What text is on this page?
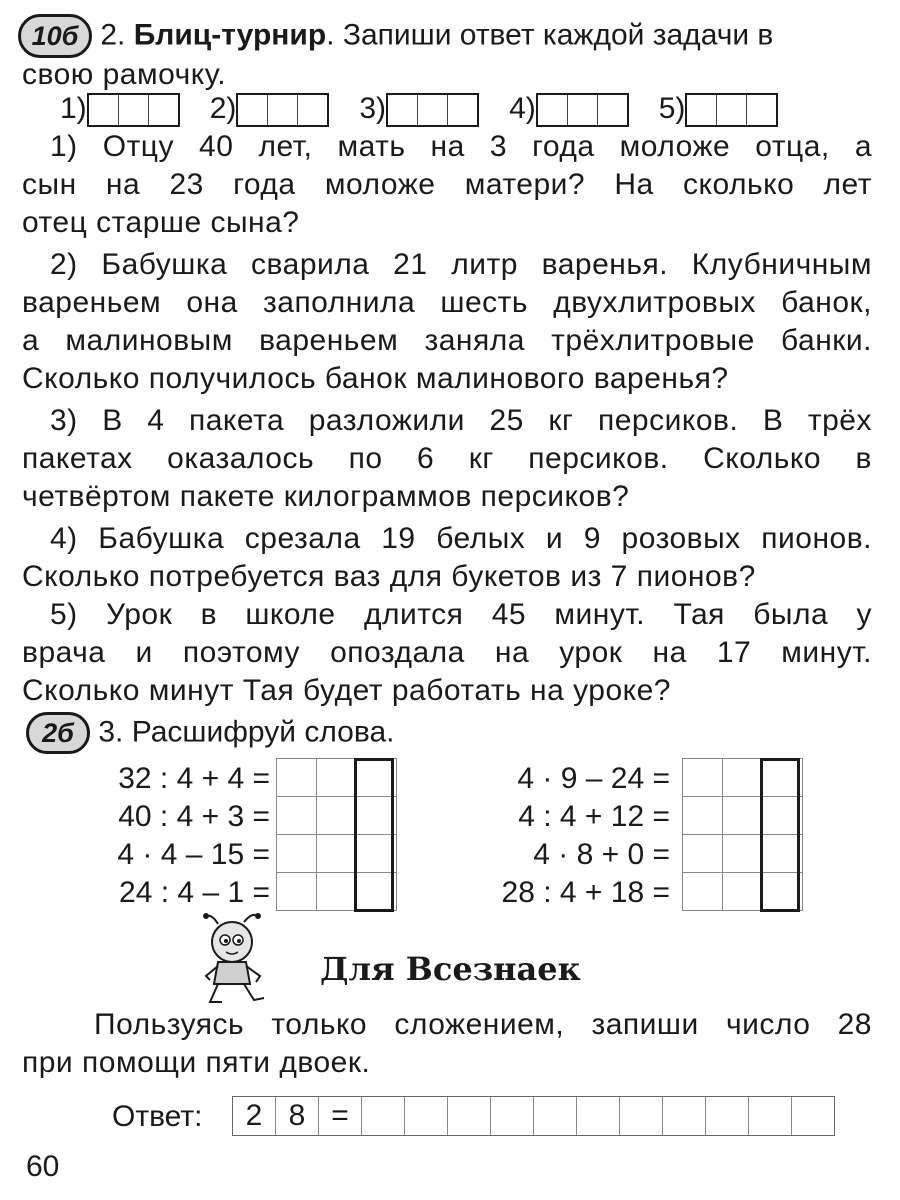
10б 2. Блиц-турнир. Запиши ответ каждой задачи в
свою рамочку.
1)	2)	3)	4)	5)
1) Отцу 40 лет, мать на 3 года моложе отца, а
сын на 23 года моложе матери? На сколько лет
отец старше сына?
2) Бабушка сварила 21 литр варенья. Клубничным
вареньем она заполнила шесть двухлитровых банок,
а малиновым вареньем заняла трёхлитровые банки.
Сколько получилось банок малинового варенья?
3) В 4 пакета разложили 25 кг персиков. В трёх
пакетах оказалось по 6 кг персиков. Сколько в
четвёртом пакете килограммов персиков?
4) Бабушка срезала 19 белых и 9 розовых пионов.
Сколько потребуется ваз для букетов из 7 пионов?
5) Урок в школе длится 45 минут. Тая была у
врача и поэтому опоздала на урок на 17 минут.
Сколько минут Тая будет работать на уроке?
2б 3. Расшифруй слова.
32 : 4 + 4 =
40 : 4 + 3 =
4 · 4 – 15 =
24 : 4 – 1 =
4 · 9 – 24 =
4 : 4 + 12 =
4 · 8 + 0 =
28 : 4 + 18 =
Для Всезнаек
Пользуясь только сложением, запиши число 28
при помощи пяти двоек.
Ответ:	2 8 =
60
